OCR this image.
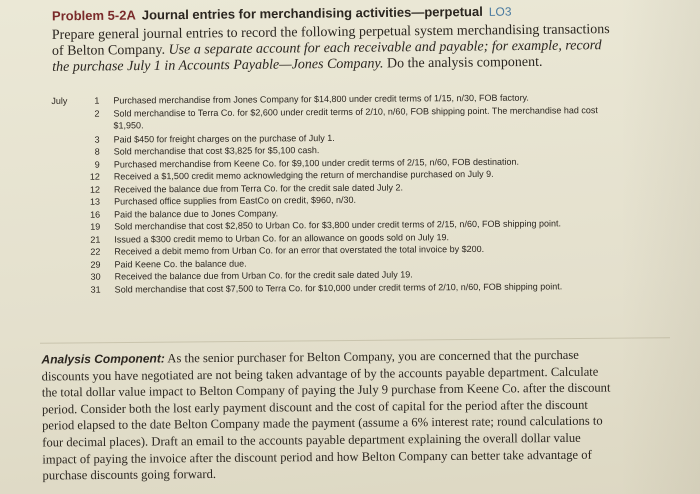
Problem 5-2A Journal entries for merchandising activities—perpetual LO3
Prepare general journal entries to record the following perpetual system merchandising transactions of Belton Company. Use a separate account for each receivable and payable; for example, record the purchase July 1 in Accounts Payable—Jones Company. Do the analysis component.
July	1 Purchased merchandise from Jones Company for $14,800 under credit terms of 1/15, n/30, FOB factory.
2 Sold merchandise to Terra Co. for $2,600 under credit terms of 2/10, n/60, FOB shipping point. The merchandise had cost $1,950.
3 Paid $450 for freight charges on the purchase of July 1.
8 Sold merchandise that cost $3,825 for $5,100 cash.
9 Purchased merchandise from Keene Co. for $9,100 under credit terms of 2/15, n/60, FOB destination.
12 Received a $1,500 credit memo acknowledging the return of merchandise purchased on July 9.
12 Received the balance due from Terra Co. for the credit sale dated July 2.
13 Purchased office supplies from EastCo on credit, $960, n/30.
16 Paid the balance due to Jones Company.
19 Sold merchandise that cost $2,850 to Urban Co. for $3,800 under credit terms of 2/15, n/60, FOB shipping point.
21 Issued a $300 credit memo to Urban Co. for an allowance on goods sold on July 19.
22 Received a debit memo from Urban Co. for an error that overstated the total invoice by $200.
29 Paid Keene Co. the balance due.
30 Received the balance due from Urban Co. for the credit sale dated July 19.
31 Sold merchandise that cost $7,500 to Terra Co. for $10,000 under credit terms of 2/10, n/60, FOB shipping point.
Analysis Component: As the senior purchaser for Belton Company, you are concerned that the purchase discounts you have negotiated are not being taken advantage of by the accounts payable department. Calculate the total dollar value impact to Belton Company of paying the July 9 purchase from Keene Co. after the discount period. Consider both the lost early payment discount and the cost of capital for the period after the discount period elapsed to the date Belton Company made the payment (assume a 6% interest rate; round calculations to four decimal places). Draft an email to the accounts payable department explaining the overall dollar value impact of paying the invoice after the discount period and how Belton Company can better take advantage of purchase discounts going forward.
